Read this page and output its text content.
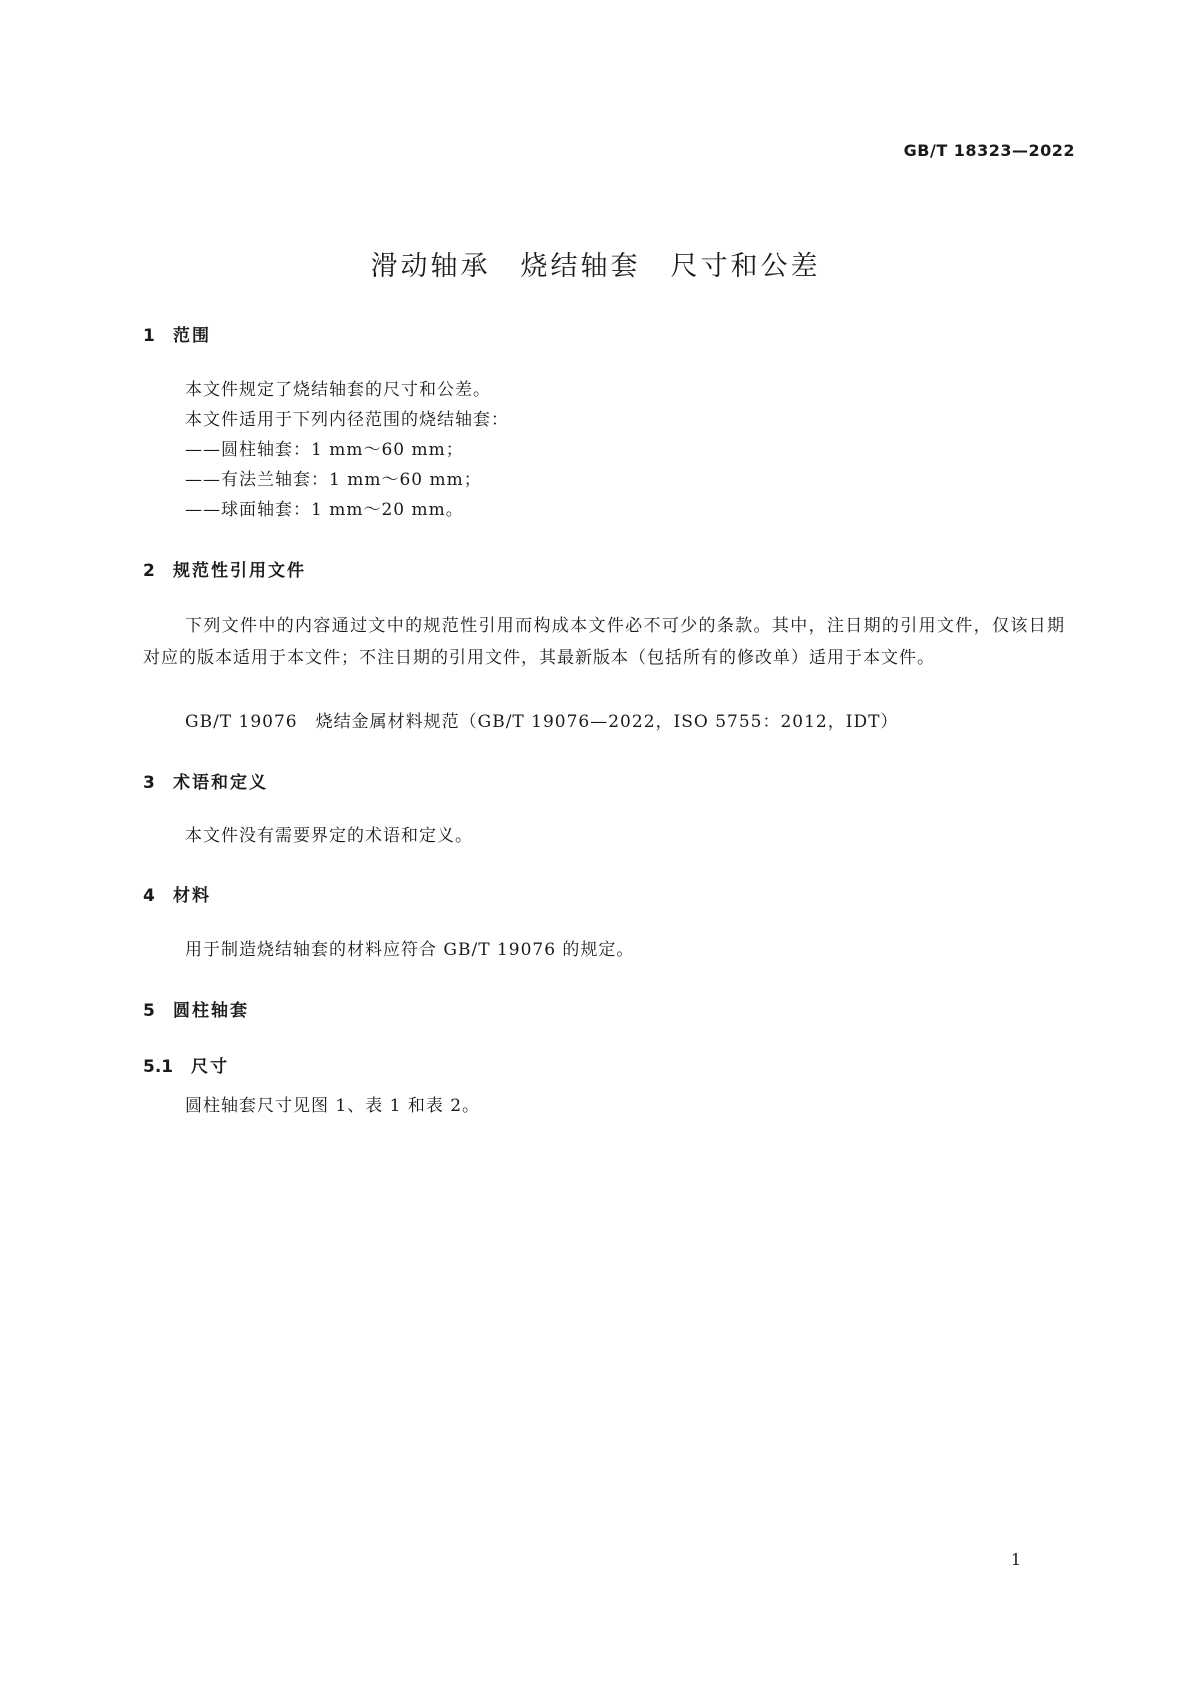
GB/T 18323—2022
滑动轴承　烧结轴套　尺寸和公差
1 范围
本文件规定了烧结轴套的尺寸和公差。
本文件适用于下列内径范围的烧结轴套：
——圆柱轴套：1 mm～60 mm；
——有法兰轴套：1 mm～60 mm；
——球面轴套：1 mm～20 mm。
2 规范性引用文件
下列文件中的内容通过文中的规范性引用而构成本文件必不可少的条款。其中，注日期的引用文件，仅该日期对应的版本适用于本文件；不注日期的引用文件，其最新版本（包括所有的修改单）适用于本文件。
GB/T 19076　烧结金属材料规范（GB/T 19076—2022，ISO 5755：2012，IDT）
3 术语和定义
本文件没有需要界定的术语和定义。
4 材料
用于制造烧结轴套的材料应符合 GB/T 19076 的规定。
5 圆柱轴套
5.1 尺寸
圆柱轴套尺寸见图 1、表 1 和表 2。
1
